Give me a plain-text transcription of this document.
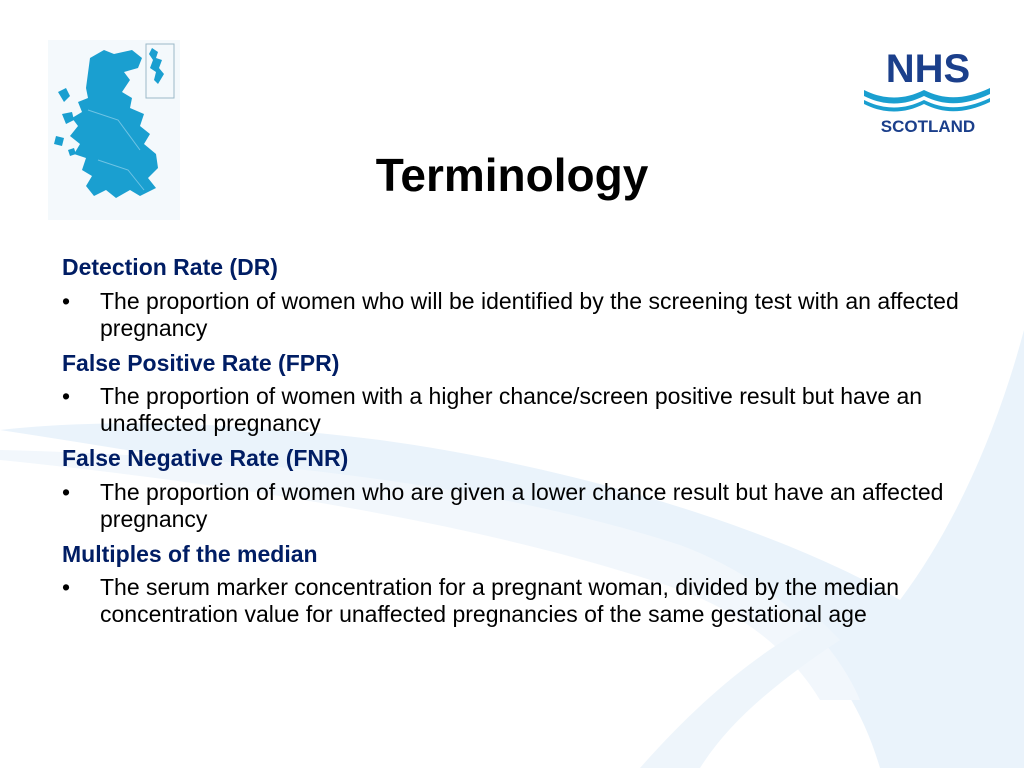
NHS
SCOTLAND
Terminology
Detection Rate (DR)
• The proportion of women who will be identified by the screening test with an affected pregnancy
False Positive Rate (FPR)
• The proportion of women with a higher chance/screen positive result but have an unaffected pregnancy
False Negative Rate (FNR)
• The proportion of women who are given a lower chance result but have an affected pregnancy
Multiples of the median
• The serum marker concentration for a pregnant woman, divided by the median concentration value for unaffected pregnancies of the same gestational age
